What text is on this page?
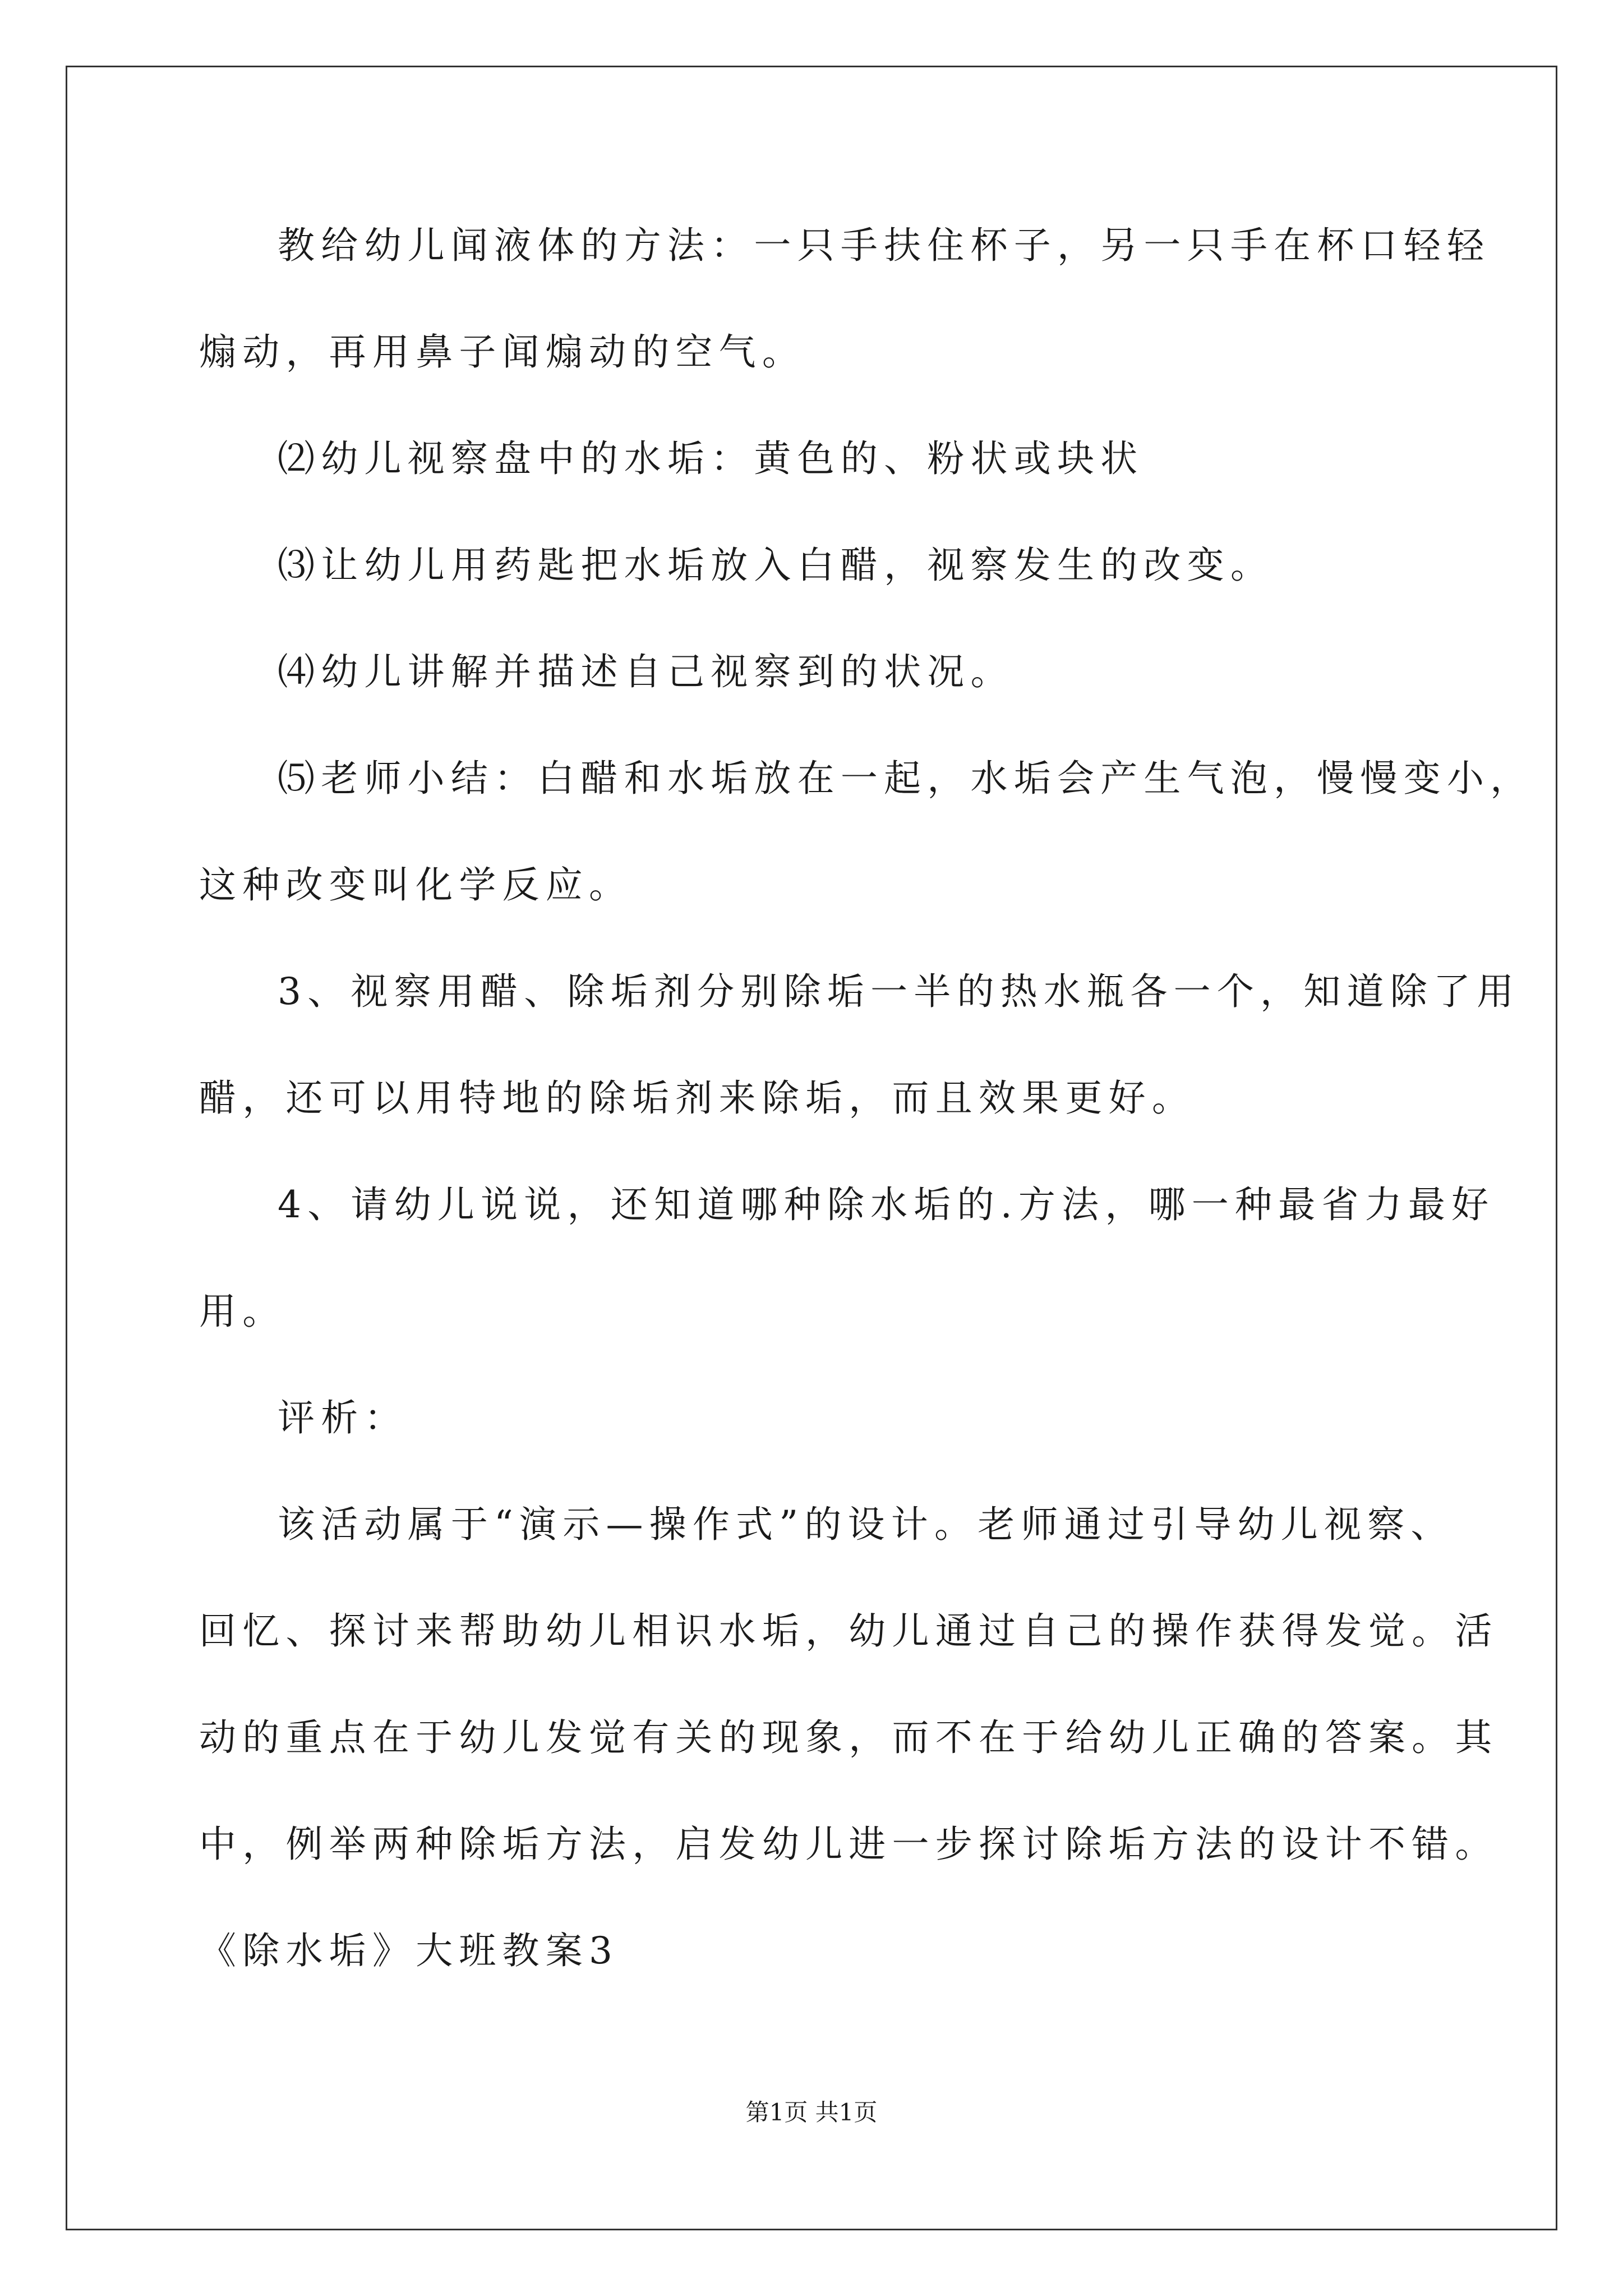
教给幼儿闻液体的方法：一只手扶住杯子，另一只手在杯口轻轻
煽动，再用鼻子闻煽动的空气。
⑵幼儿视察盘中的水垢：黄色的、粉状或块状
⑶让幼儿用药匙把水垢放入白醋，视察发生的改变。
⑷幼儿讲解并描述自己视察到的状况。
⑸老师小结：白醋和水垢放在一起，水垢会产生气泡，慢慢变小，
这种改变叫化学反应。
3、视察用醋、除垢剂分别除垢一半的热水瓶各一个，知道除了用
醋，还可以用特地的除垢剂来除垢，而且效果更好。
4、请幼儿说说，还知道哪种除水垢的.方法，哪一种最省力最好
用。
评析：
该活动属于“演示—操作式”的设计。老师通过引导幼儿视察、
回忆、探讨来帮助幼儿相识水垢，幼儿通过自己的操作获得发觉。活
动的重点在于幼儿发觉有关的现象，而不在于给幼儿正确的答案。其
中，例举两种除垢方法，启发幼儿进一步探讨除垢方法的设计不错。
《除水垢》大班教案3
第1页 共1页
